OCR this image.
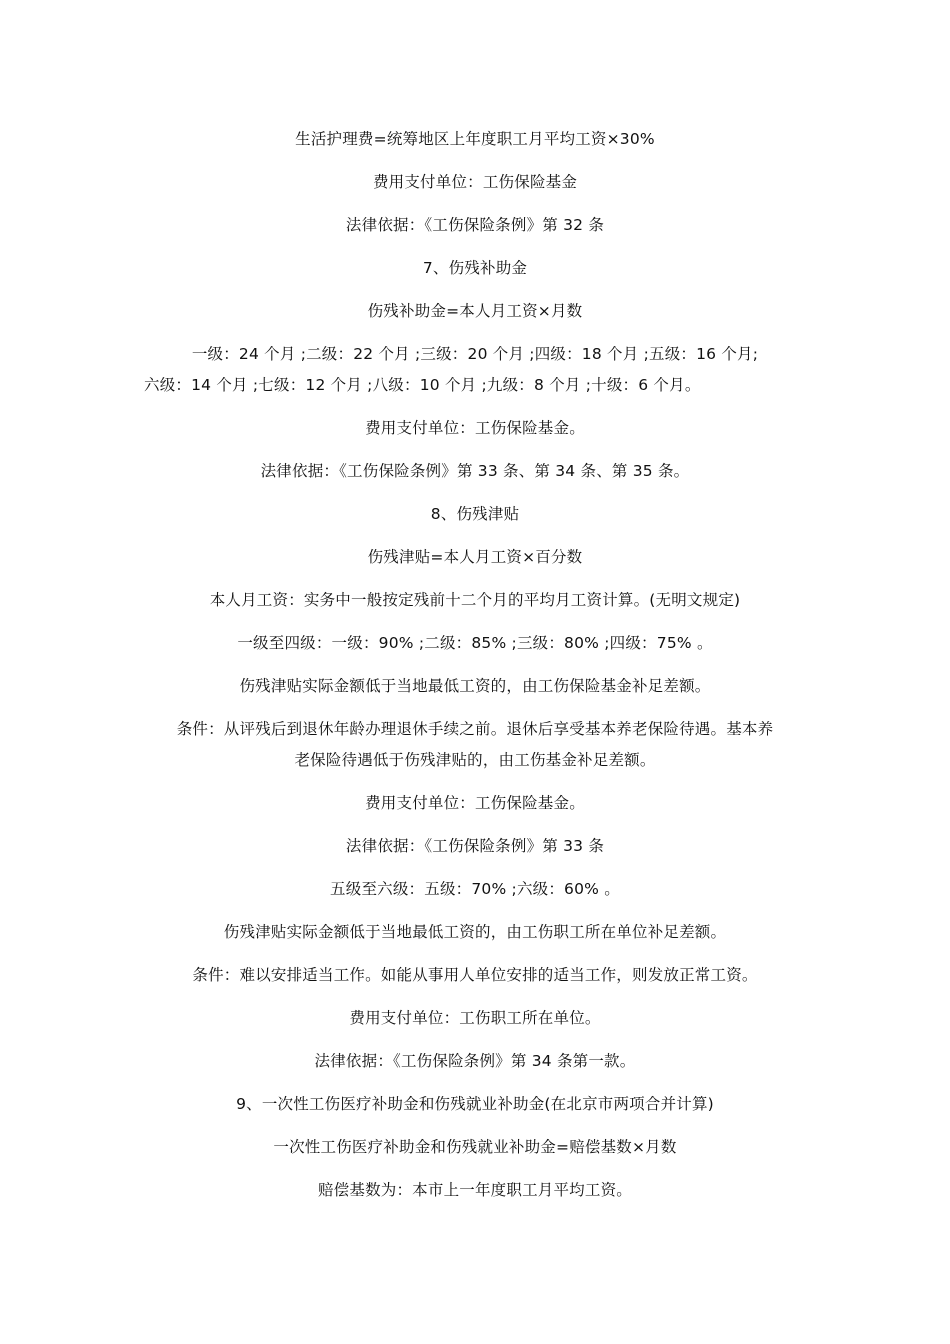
生活护理费=统筹地区上年度职工月平均工资×30%

费用支付单位：工伤保险基金

法律依据：《工伤保险条例》第 32 条

7、伤残补助金

伤残补助金=本人月工资×月数

一级：24 个月 ;二级：22 个月 ;三级：20 个月 ;四级：18 个月 ;五级：16 个月;
六级：14 个月 ;七级：12 个月 ;八级：10 个月 ;九级：8 个月 ;十级：6 个月。

费用支付单位：工伤保险基金。

法律依据：《工伤保险条例》第 33 条、第 34 条、第 35 条。

8、伤残津贴

伤残津贴=本人月工资×百分数

本人月工资：实务中一般按定残前十二个月的平均月工资计算。(无明文规定)

一级至四级：一级：90% ;二级：85% ;三级：80% ;四级：75% 。

伤残津贴实际金额低于当地最低工资的，由工伤保险基金补足差额。

条件：从评残后到退休年龄办理退休手续之前。退休后享受基本养老保险待遇。基本养
老保险待遇低于伤残津贴的，由工伤基金补足差额。

费用支付单位：工伤保险基金。

法律依据：《工伤保险条例》第 33 条

五级至六级：五级：70% ;六级：60% 。

伤残津贴实际金额低于当地最低工资的，由工伤职工所在单位补足差额。

条件：难以安排适当工作。如能从事用人单位安排的适当工作，则发放正常工资。

费用支付单位：工伤职工所在单位。

法律依据：《工伤保险条例》第 34 条第一款。

9、一次性工伤医疗补助金和伤残就业补助金(在北京市两项合并计算)

一次性工伤医疗补助金和伤残就业补助金=赔偿基数×月数

赔偿基数为：本市上一年度职工月平均工资。
